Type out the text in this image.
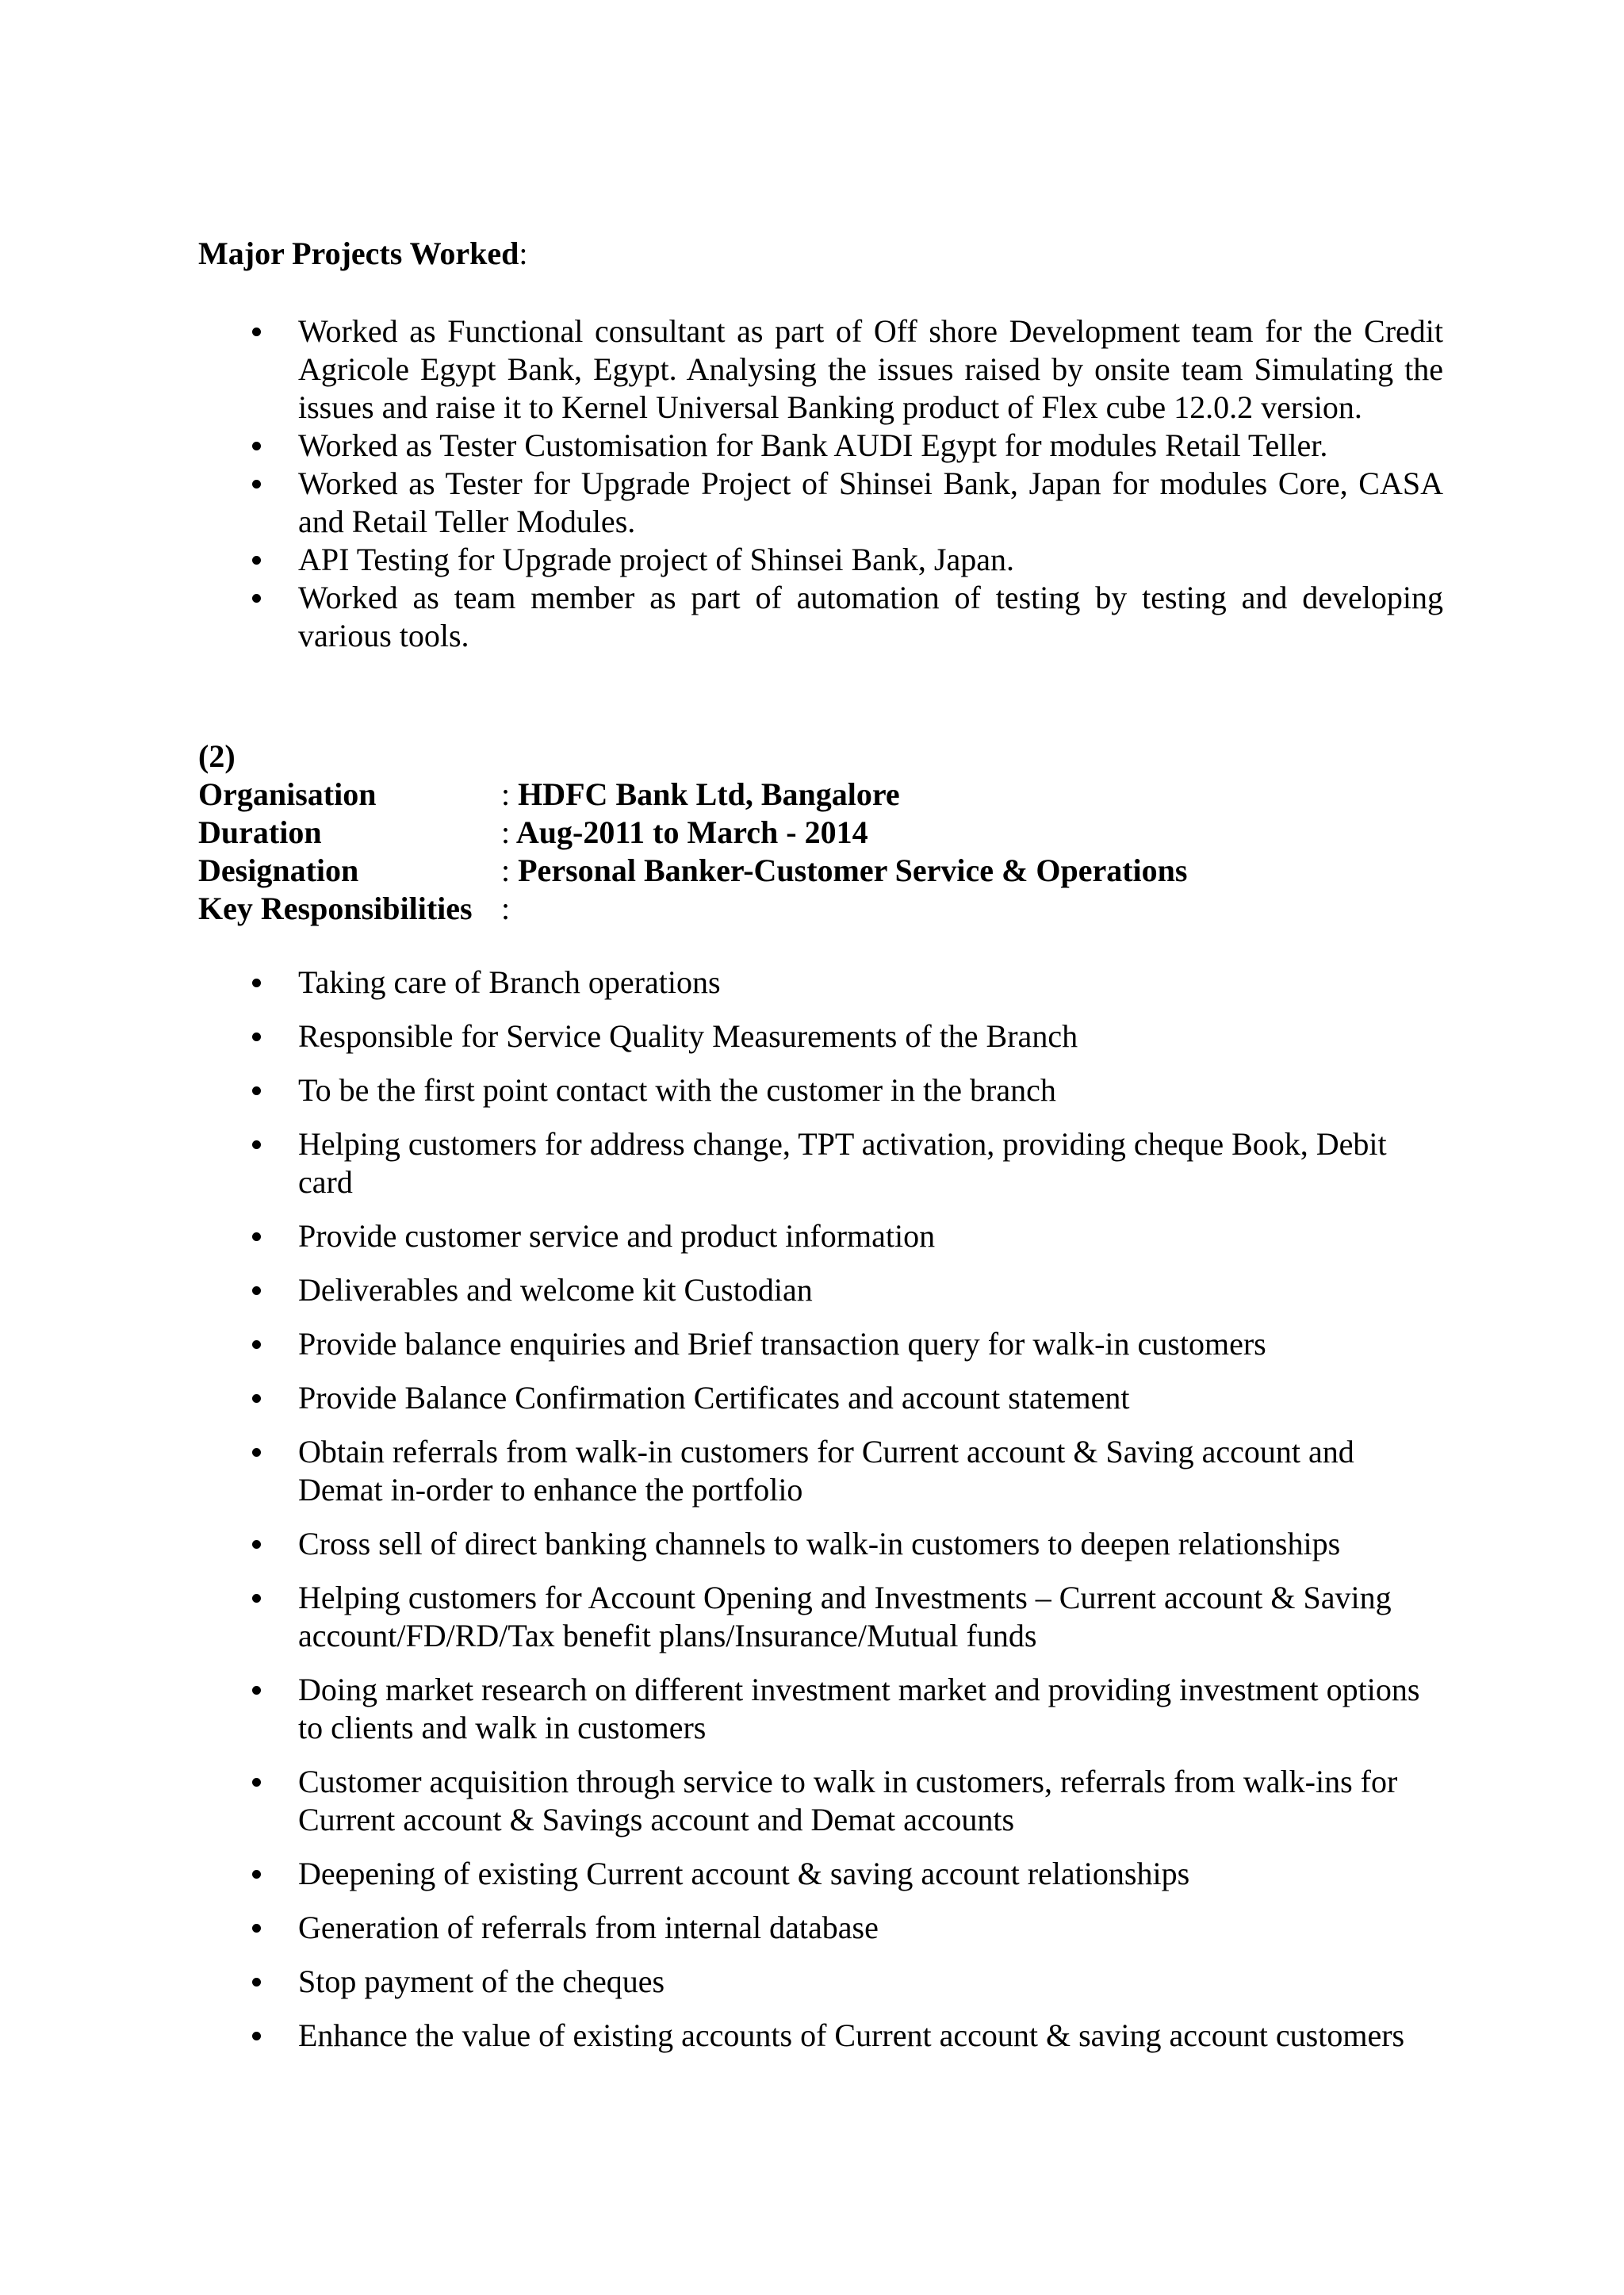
Major Projects Worked:
Worked as Functional consultant as part of Off shore Development team for the Credit Agricole Egypt Bank, Egypt. Analysing the issues raised by onsite team Simulating the issues and raise it to Kernel Universal Banking product of Flex cube 12.0.2 version.
Worked as Tester Customisation for Bank AUDI Egypt for modules Retail Teller.
Worked as Tester for Upgrade Project of Shinsei Bank, Japan for modules Core, CASA and Retail Teller Modules.
API Testing for Upgrade project of Shinsei Bank, Japan.
Worked as team member as part of automation of testing by testing and developing various tools.
(2)
Organisation	: HDFC Bank Ltd, Bangalore
Duration	: Aug-2011 to March - 2014
Designation	: Personal Banker-Customer Service & Operations
Key Responsibilities :
Taking care of Branch operations
Responsible for Service Quality Measurements of the Branch
To be the first point contact with the customer in the branch
Helping customers for address change, TPT activation, providing cheque Book, Debit card
Provide customer service and product information
Deliverables and welcome kit Custodian
Provide balance enquiries and Brief transaction query for walk-in customers
Provide Balance Confirmation Certificates and account statement
Obtain referrals from walk-in customers for Current account & Saving account and Demat in-order to enhance the portfolio
Cross sell of direct banking channels to walk-in customers to deepen relationships
Helping customers for Account Opening and Investments – Current account & Saving account/FD/RD/Tax benefit plans/Insurance/Mutual funds
Doing market research on different investment market and providing investment options to clients and walk in customers
Customer acquisition through service to walk in customers, referrals from walk-ins for Current account & Savings account and Demat accounts
Deepening of existing Current account & saving account relationships
Generation of referrals from internal database
Stop payment of the cheques
Enhance the value of existing accounts of Current account & saving account customers
